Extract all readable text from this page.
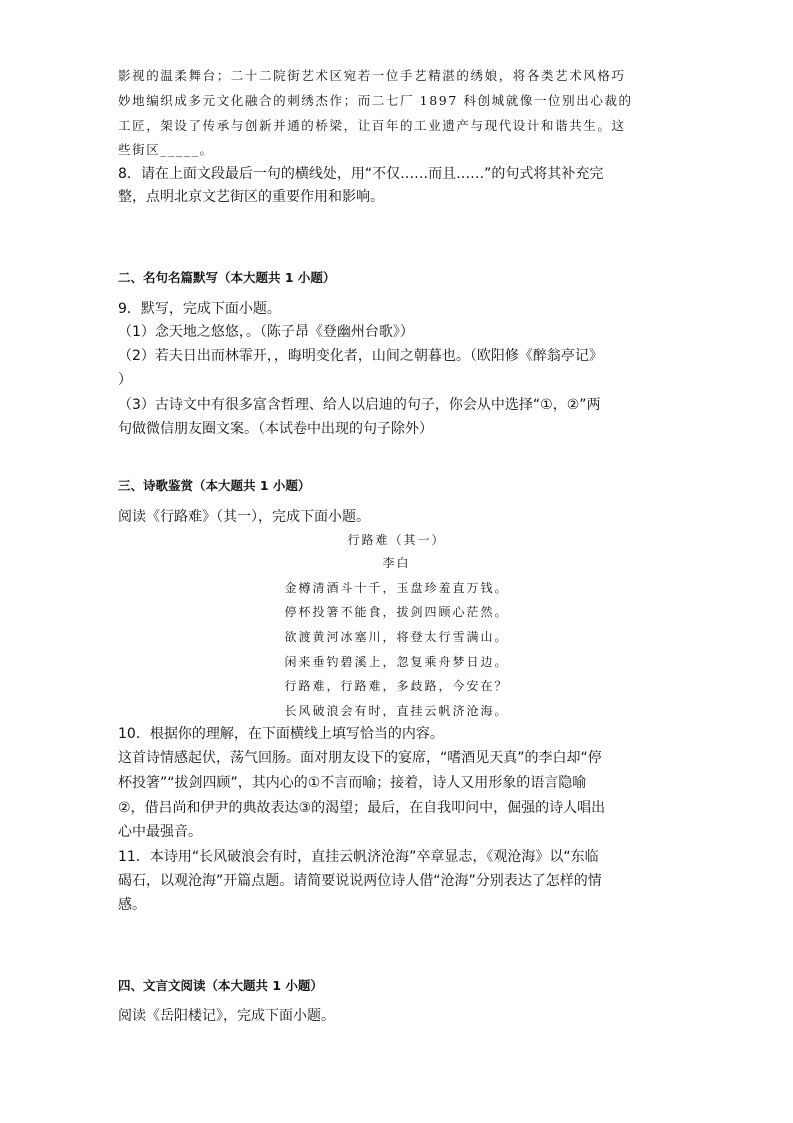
影视的温柔舞台；二十二院街艺术区宛若一位手艺精湛的绣娘，将各类艺术风格巧
妙地编织成多元文化融合的刺绣杰作；而二七厂 1897 科创城就像一位别出心裁的
工匠，架设了传承与创新并通的桥梁，让百年的工业遗产与现代设计和谐共生。这
些街区_____。
8．请在上面文段最后一句的横线处，用“不仅……而且……”的句式将其补充完
整，点明北京文艺街区的重要作用和影响。
二、名句名篇默写（本大题共 1 小题）
9．默写，完成下面小题。
（1）念天地之悠悠，。（陈子昂《登幽州台歌》）
（2）若夫日出而林霏开，，晦明变化者，山间之朝暮也。（欧阳修《醉翁亭记》
）
（3）古诗文中有很多富含哲理、给人以启迪的句子，你会从中选择“①，②”两
句做微信朋友圈文案。（本试卷中出现的句子除外）
三、诗歌鉴赏（本大题共 1 小题）
阅读《行路难》（其一），完成下面小题。
行路难（其一）
李白
金樽清酒斗十千，玉盘珍羞直万钱。
停杯投箸不能食，拔剑四顾心茫然。
欲渡黄河冰塞川，将登太行雪满山。
闲来垂钓碧溪上，忽复乘舟梦日边。
行路难，行路难，多歧路，今安在？
长风破浪会有时，直挂云帆济沧海。
10．根据你的理解，在下面横线上填写恰当的内容。
这首诗情感起伏，荡气回肠。面对朋友设下的宴席，“嗜酒见天真”的李白却“停
杯投箸”“拔剑四顾”，其内心的①不言而喻；接着，诗人又用形象的语言隐喻
②，借吕尚和伊尹的典故表达③的渴望；最后，在自我叩问中，倔强的诗人唱出
心中最强音。
11．本诗用“长风破浪会有时，直挂云帆济沧海”卒章显志，《观沧海》以“东临
碣石，以观沧海”开篇点题。请简要说说两位诗人借“沧海”分别表达了怎样的情
感。
四、文言文阅读（本大题共 1 小题）
阅读《岳阳楼记》，完成下面小题。
